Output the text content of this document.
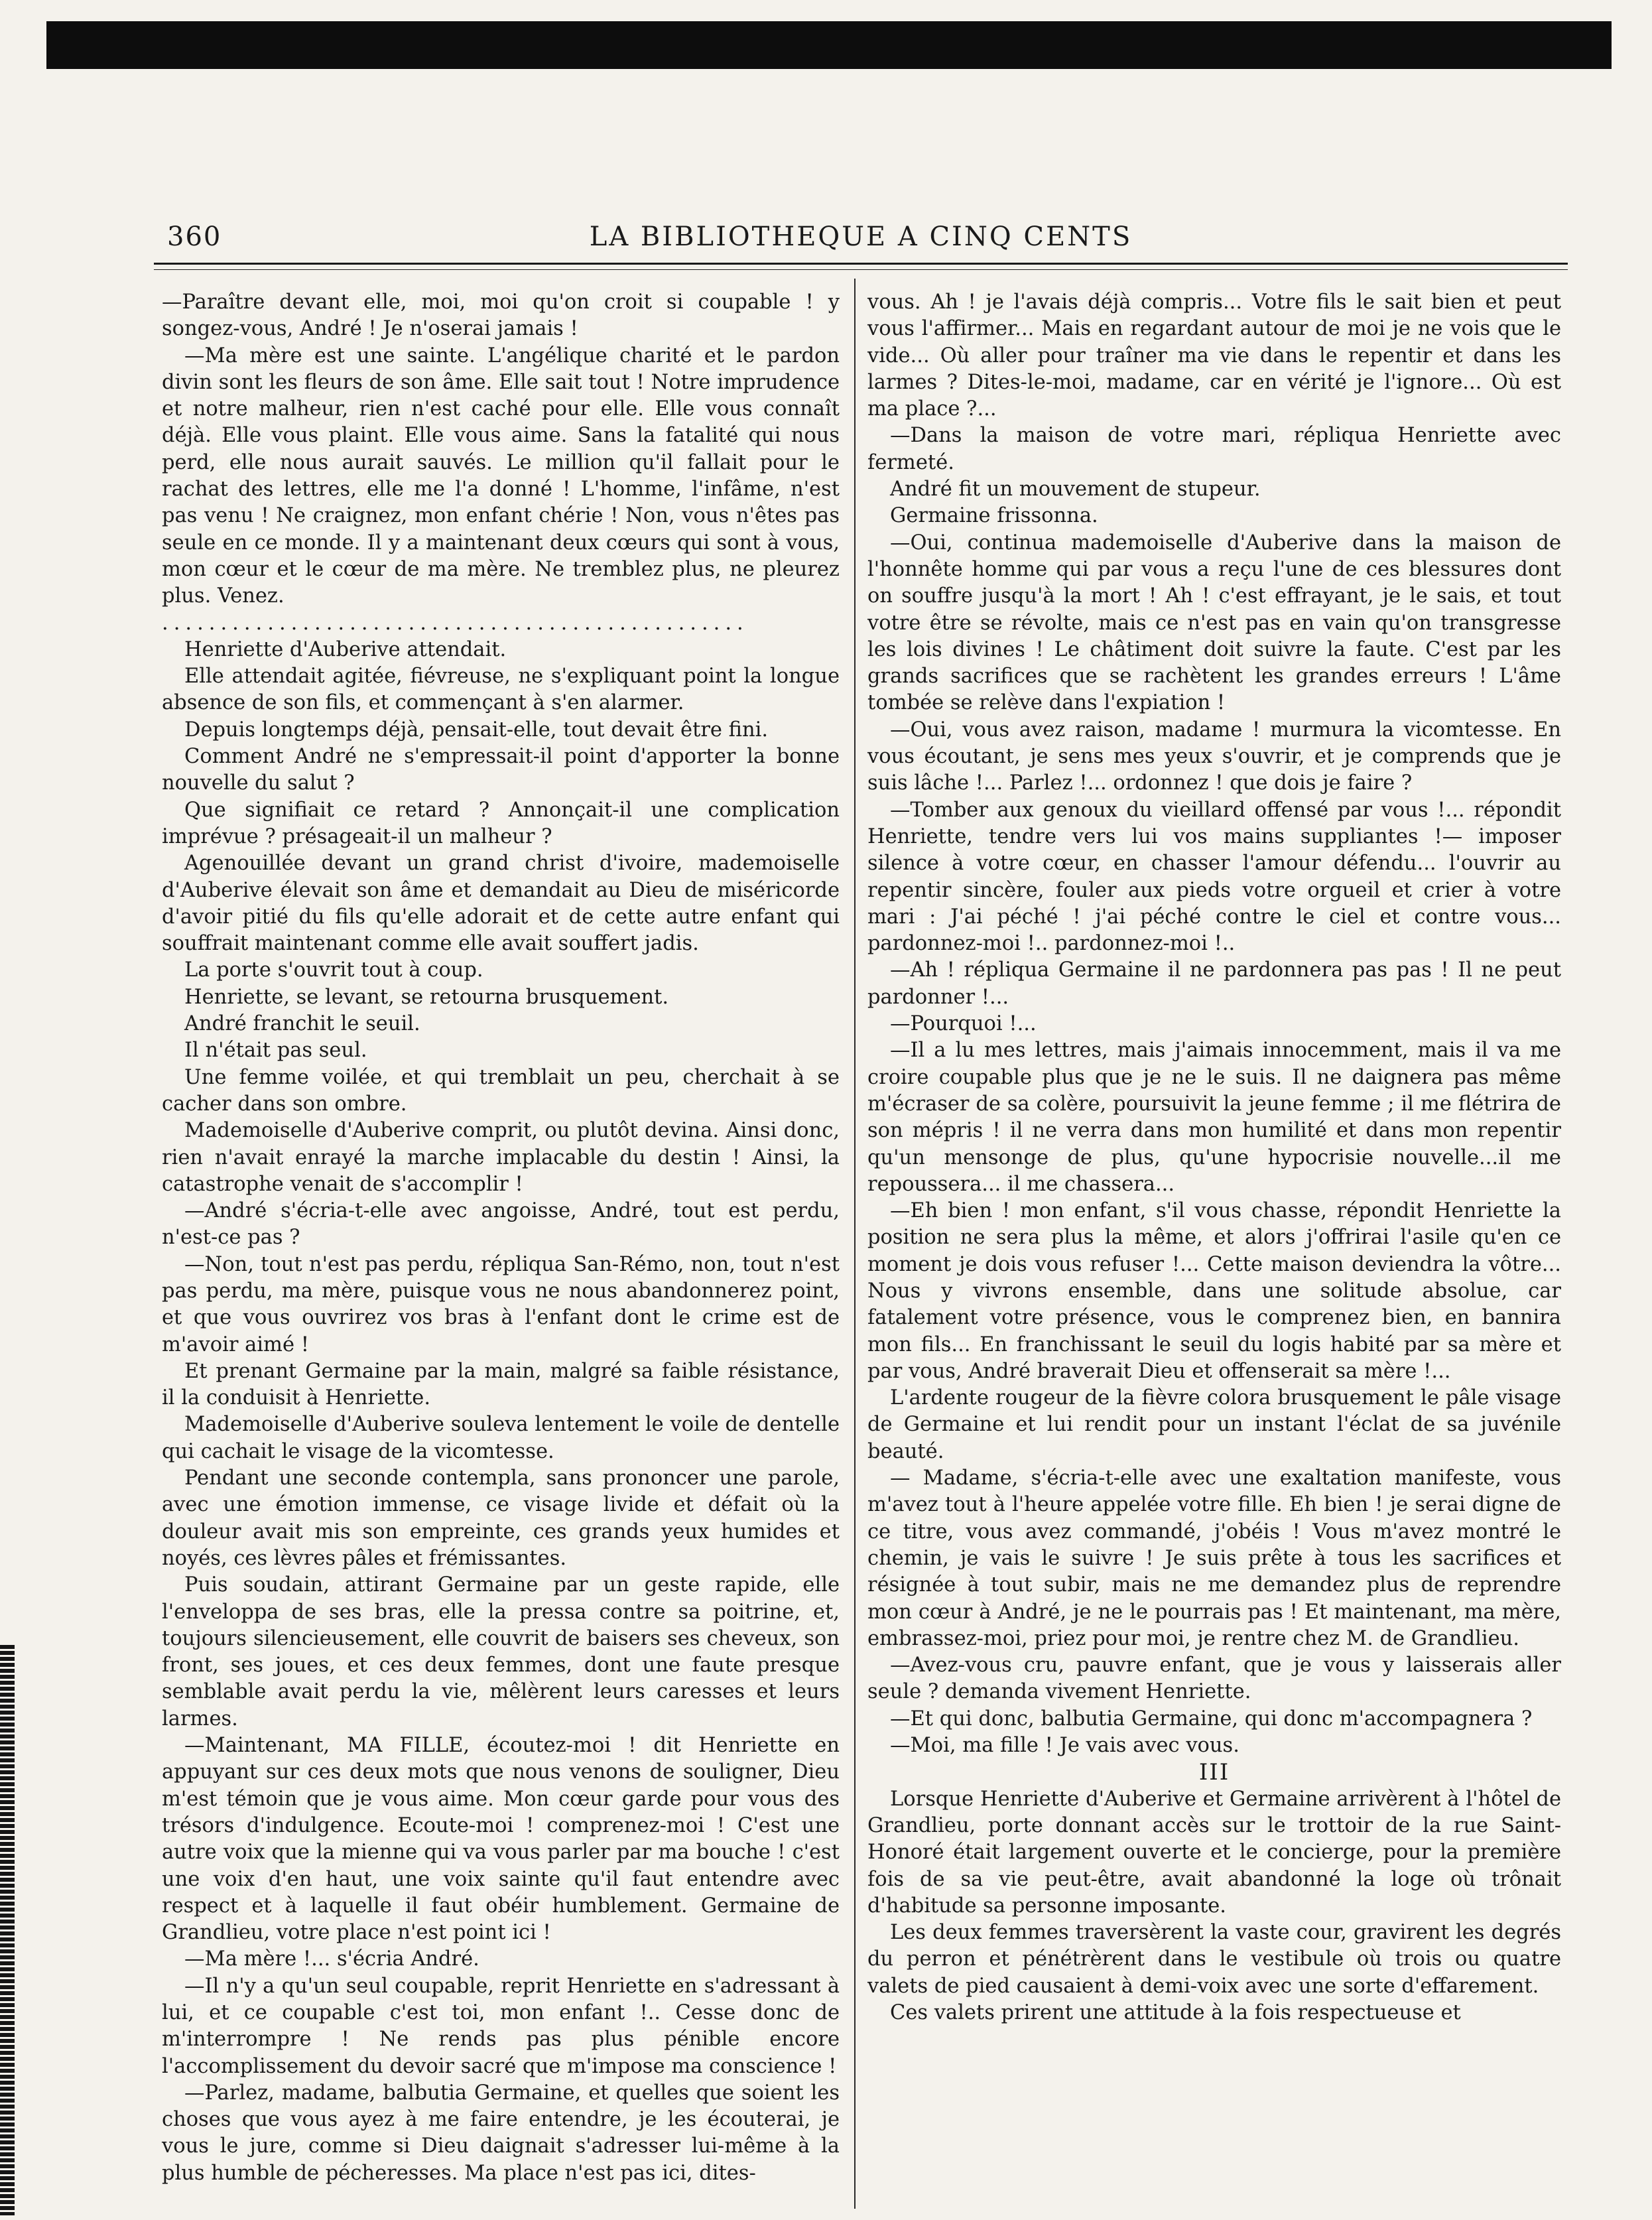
360	LA BIBLIOTHEQUE A CINQ CENTS

—Paraître devant elle, moi, moi qu'on croit si coupable ! y songez-vous, André ! Je n'oserai jamais !

—Ma mère est une sainte. L'angélique charité et le pardon divin sont les fleurs de son âme. Elle sait tout ! Notre imprudence et notre malheur, rien n'est caché pour elle. Elle vous connaît déjà. Elle vous plaint. Elle vous aime. Sans la fatalité qui nous perd, elle nous aurait sauvés. Le million qu'il fallait pour le rachat des lettres, elle me l'a donné ! L'homme, l'infâme, n'est pas venu ! Ne craignez, mon enfant chérie ! Non, vous n'êtes pas seule en ce monde. Il y a maintenant deux cœurs qui sont à vous, mon cœur et le cœur de ma mère. Ne tremblez plus, ne pleurez plus. Venez.

..................................................

Henriette d'Auberive attendait.

Elle attendait agitée, fiévreuse, ne s'expliquant point la longue absence de son fils, et commençant à s'en alarmer.

Depuis longtemps déjà, pensait-elle, tout devait être fini.

Comment André ne s'empressait-il point d'apporter la bonne nouvelle du salut ?

Que signifiait ce retard ? Annonçait-il une complication imprévue ? présageait-il un malheur ?

Agenouillée devant un grand christ d'ivoire, mademoiselle d'Auberive élevait son âme et demandait au Dieu de miséricorde d'avoir pitié du fils qu'elle adorait et de cette autre enfant qui souffrait maintenant comme elle avait souffert jadis.

La porte s'ouvrit tout à coup.

Henriette, se levant, se retourna brusquement.

André franchit le seuil.

Il n'était pas seul.

Une femme voilée, et qui tremblait un peu, cherchait à se cacher dans son ombre.

Mademoiselle d'Auberive comprit, ou plutôt devina. Ainsi donc, rien n'avait enrayé la marche implacable du destin ! Ainsi, la catastrophe venait de s'accomplir !

—André s'écria-t-elle avec angoisse, André, tout est perdu, n'est-ce pas ?

—Non, tout n'est pas perdu, répliqua San-Rémo, non, tout n'est pas perdu, ma mère, puisque vous ne nous abandonnerez point, et que vous ouvrirez vos bras à l'enfant dont le crime est de m'avoir aimé !

Et prenant Germaine par la main, malgré sa faible résistance, il la conduisit à Henriette.

Mademoiselle d'Auberive souleva lentement le voile de dentelle qui cachait le visage de la vicomtesse.

Pendant une seconde contempla, sans prononcer une parole, avec une émotion immense, ce visage livide et défait où la douleur avait mis son empreinte, ces grands yeux humides et noyés, ces lèvres pâles et frémissantes.

Puis soudain, attirant Germaine par un geste rapide, elle l'enveloppa de ses bras, elle la pressa contre sa poitrine, et, toujours silencieusement, elle couvrit de baisers ses cheveux, son front, ses joues, et ces deux femmes, dont une faute presque semblable avait perdu la vie, mêlèrent leurs caresses et leurs larmes.

—Maintenant, MA FILLE, écoutez-moi ! dit Henriette en appuyant sur ces deux mots que nous venons de souligner, Dieu m'est témoin que je vous aime. Mon cœur garde pour vous des trésors d'indulgence. Ecoute-moi ! comprenez-moi ! C'est une autre voix que la mienne qui va vous parler par ma bouche ! c'est une voix d'en haut, une voix sainte qu'il faut entendre avec respect et à laquelle il faut obéir humblement. Germaine de Grandlieu, votre place n'est point ici !

—Ma mère !... s'écria André.

—Il n'y a qu'un seul coupable, reprit Henriette en s'adressant à lui, et ce coupable c'est toi, mon enfant !.. Cesse donc de m'interrompre ! Ne rends pas plus pénible encore l'accomplissement du devoir sacré que m'impose ma conscience !

—Parlez, madame, balbutia Germaine, et quelles que soient les choses que vous ayez à me faire entendre, je les écouterai, je vous le jure, comme si Dieu daignait s'adresser lui-même à la plus humble de pécheresses. Ma place n'est pas ici, dites-

vous. Ah ! je l'avais déjà compris... Votre fils le sait bien et peut vous l'affirmer... Mais en regardant autour de moi je ne vois que le vide... Où aller pour traîner ma vie dans le repentir et dans les larmes ? Dites-le-moi, madame, car en vérité je l'ignore... Où est ma place ?...

—Dans la maison de votre mari, répliqua Henriette avec fermeté.

André fit un mouvement de stupeur.

Germaine frissonna.

—Oui, continua mademoiselle d'Auberive dans la maison de l'honnête homme qui par vous a reçu l'une de ces blessures dont on souffre jusqu'à la mort ! Ah ! c'est effrayant, je le sais, et tout votre être se révolte, mais ce n'est pas en vain qu'on transgresse les lois divines ! Le châtiment doit suivre la faute. C'est par les grands sacrifices que se rachètent les grandes erreurs ! L'âme tombée se relève dans l'expiation !

—Oui, vous avez raison, madame ! murmura la vicomtesse. En vous écoutant, je sens mes yeux s'ouvrir, et je comprends que je suis lâche !... Parlez !... ordonnez ! que dois je faire ?

—Tomber aux genoux du vieillard offensé par vous !... répondit Henriette, tendre vers lui vos mains suppliantes !— imposer silence à votre cœur, en chasser l'amour défendu... l'ouvrir au repentir sincère, fouler aux pieds votre orgueil et crier à votre mari : J'ai péché ! j'ai péché contre le ciel et contre vous... pardonnez-moi !.. pardonnez-moi !..

—Ah ! répliqua Germaine il ne pardonnera pas pas ! Il ne peut pardonner !...

—Pourquoi !...

—Il a lu mes lettres, mais j'aimais innocemment, mais il va me croire coupable plus que je ne le suis. Il ne daignera pas même m'écraser de sa colère, poursuivit la jeune femme ; il me flétrira de son mépris ! il ne verra dans mon humilité et dans mon repentir qu'un mensonge de plus, qu'une hypocrisie nouvelle...il me repoussera... il me chassera...

—Eh bien ! mon enfant, s'il vous chasse, répondit Henriette la position ne sera plus la même, et alors j'offrirai l'asile qu'en ce moment je dois vous refuser !... Cette maison deviendra la vôtre... Nous y vivrons ensemble, dans une solitude absolue, car fatalement votre présence, vous le comprenez bien, en bannira mon fils... En franchissant le seuil du logis habité par sa mère et par vous, André braverait Dieu et offenserait sa mère !...

L'ardente rougeur de la fièvre colora brusquement le pâle visage de Germaine et lui rendit pour un instant l'éclat de sa juvénile beauté.

— Madame, s'écria-t-elle avec une exaltation manifeste, vous m'avez tout à l'heure appelée votre fille. Eh bien ! je serai digne de ce titre, vous avez commandé, j'obéis ! Vous m'avez montré le chemin, je vais le suivre ! Je suis prête à tous les sacrifices et résignée à tout subir, mais ne me demandez plus de reprendre mon cœur à André, je ne le pourrais pas ! Et maintenant, ma mère, embrassez-moi, priez pour moi, je rentre chez M. de Grandlieu.

—Avez-vous cru, pauvre enfant, que je vous y laisserais aller seule ? demanda vivement Henriette.

—Et qui donc, balbutia Germaine, qui donc m'accompagnera ?

—Moi, ma fille ! Je vais avec vous.

III

Lorsque Henriette d'Auberive et Germaine arrivèrent à l'hôtel de Grandlieu, porte donnant accès sur le trottoir de la rue Saint-Honoré était largement ouverte et le concierge, pour la première fois de sa vie peut-être, avait abandonné la loge où trônait d'habitude sa personne imposante.

Les deux femmes traversèrent la vaste cour, gravirent les degrés du perron et pénétrèrent dans le vestibule où trois ou quatre valets de pied causaient à demi-voix avec une sorte d'effarement.

Ces valets prirent une attitude à la fois respectueuse et
